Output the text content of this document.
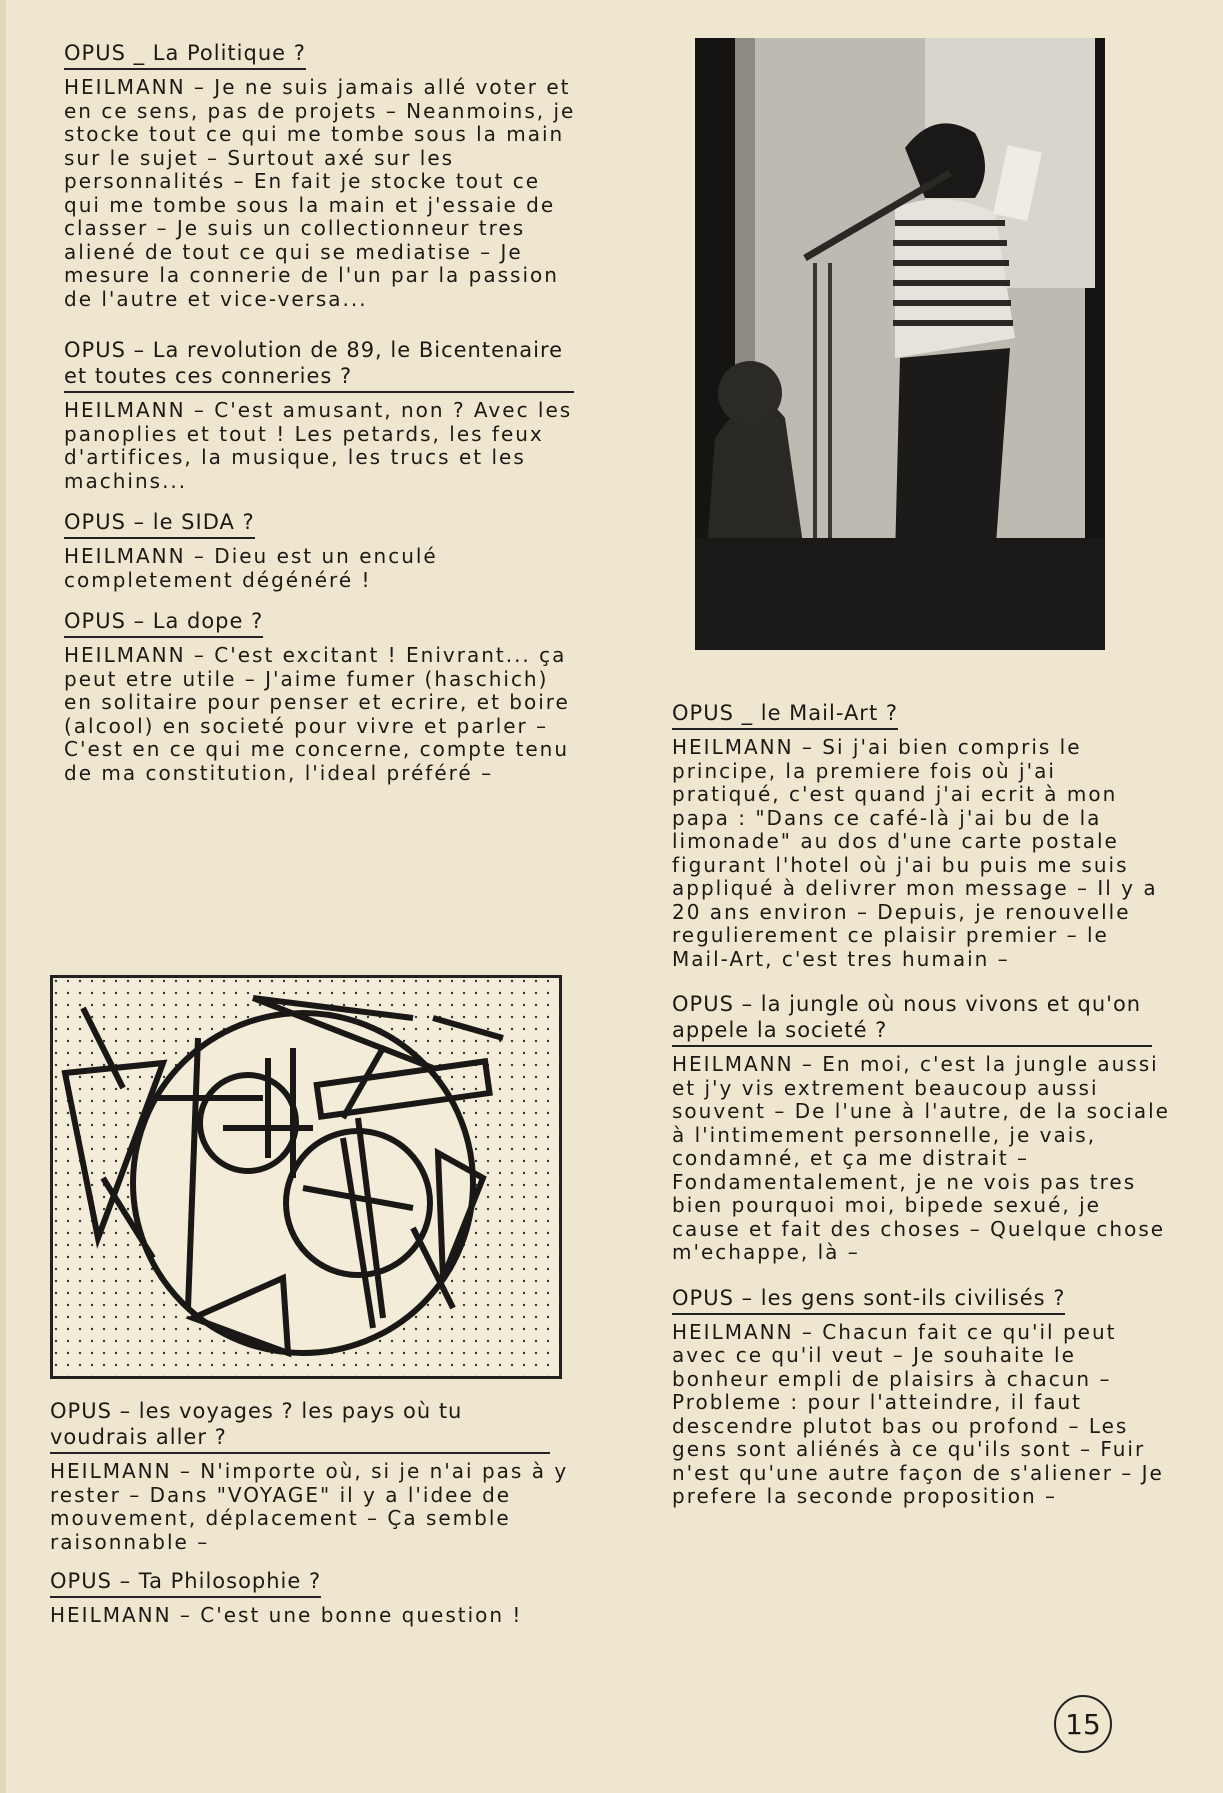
OPUS _ La Politique ?

HEILMANN – Je ne suis jamais allé voter et en ce sens, pas de projets – Neanmoins, je stocke tout ce qui me tombe sous la main sur le sujet – Surtout axé sur les personnalités – En fait je stocke tout ce qui me tombe sous la main et j'essaie de classer – Je suis un collectionneur tres aliené de tout ce qui se mediatise – Je mesure la connerie de l'un par la passion de l'autre et vice-versa...

OPUS – La revolution de 89, le Bicentenaire et toutes ces conneries ?

HEILMANN – C'est amusant, non ? Avec les panoplies et tout ! Les petards, les feux d'artifices, la musique, les trucs et les machins...

OPUS – le SIDA ?

HEILMANN – Dieu est un enculé completement dégénéré !

OPUS – La dope ?

HEILMANN – C'est excitant ! Enivrant... ça peut etre utile – J'aime fumer (haschich) en solitaire pour penser et ecrire, et boire (alcool) en societé pour vivre et parler – C'est en ce qui me concerne, compte tenu de ma constitution, l'ideal préféré –

OPUS _ le Mail-Art ?

HEILMANN – Si j'ai bien compris le principe, la premiere fois où j'ai pratiqué, c'est quand j'ai ecrit à mon papa : "Dans ce café-là j'ai bu de la limonade" au dos d'une carte postale figurant l'hotel où j'ai bu puis me suis appliqué à delivrer mon message – Il y a 20 ans environ – Depuis, je renouvelle regulierement ce plaisir premier – le Mail-Art, c'est tres humain –

OPUS – la jungle où nous vivons et qu'on appele la societé ?

HEILMANN – En moi, c'est la jungle aussi et j'y vis extrement beaucoup aussi souvent – De l'une à l'autre, de la sociale à l'intimement personnelle, je vais, condamné, et ça me distrait – Fondamentalement, je ne vois pas tres bien pourquoi moi, bipede sexué, je cause et fait des choses – Quelque chose m'echappe, là –

OPUS – les gens sont-ils civilisés ?

HEILMANN – Chacun fait ce qu'il peut avec ce qu'il veut – Je souhaite le bonheur empli de plaisirs à chacun – Probleme : pour l'atteindre, il faut descendre plutot bas ou profond – Les gens sont aliénés à ce qu'ils sont – Fuir n'est qu'une autre façon de s'aliener – Je prefere la seconde proposition –

OPUS – les voyages ? les pays où tu voudrais aller ?

HEILMANN – N'importe où, si je n'ai pas à y rester – Dans "VOYAGE" il y a l'idee de mouvement, déplacement – Ça semble raisonnable –

OPUS – Ta Philosophie ?

HEILMANN – C'est une bonne question !

15
